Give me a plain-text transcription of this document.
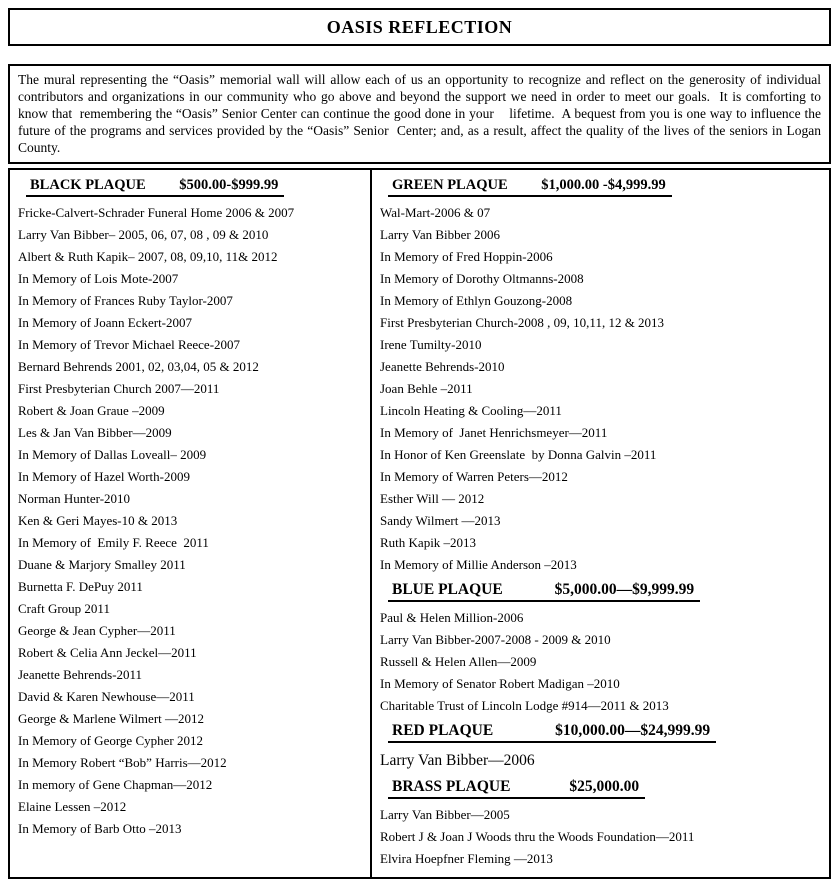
OASIS REFLECTION

The mural representing the “Oasis” memorial wall will allow each of us an opportunity to recognize and reflect on the generosity of individual contributors and organizations in our community who go above and beyond the support we need in order to meet our goals.  It is comforting to know that  remembering the “Oasis” Senior Center can continue the good done in your    lifetime.  A bequest from you is one way to influence the future of the programs and services provided by the “Oasis” Senior  Center; and, as a result, affect the quality of the lives of the seniors in Logan County.

BLACK PLAQUE $500.00-$999.99
Fricke-Calvert-Schrader Funeral Home 2006 & 2007
Larry Van Bibber– 2005, 06, 07, 08 , 09 & 2010
Albert & Ruth Kapik– 2007, 08, 09,10, 11& 2012
In Memory of Lois Mote-2007
In Memory of Frances Ruby Taylor-2007
In Memory of Joann Eckert-2007
In Memory of Trevor Michael Reece-2007
Bernard Behrends 2001, 02, 03,04, 05 & 2012
First Presbyterian Church 2007—2011
Robert & Joan Graue –2009
Les & Jan Van Bibber—2009
In Memory of Dallas Loveall– 2009
In Memory of Hazel Worth-2009
Norman Hunter-2010
Ken & Geri Mayes-10 & 2013
In Memory of  Emily F. Reece  2011
Duane & Marjory Smalley 2011
Burnetta F. DePuy 2011
Craft Group 2011
George & Jean Cypher—2011
Robert & Celia Ann Jeckel—2011
Jeanette Behrends-2011
David & Karen Newhouse—2011
George & Marlene Wilmert —2012
In Memory of George Cypher 2012
In Memory Robert “Bob” Harris—2012
In memory of Gene Chapman—2012
Elaine Lessen –2012
In Memory of Barb Otto –2013
GREEN PLAQUE $1,000.00 -$4,999.99
Wal-Mart-2006 & 07
Larry Van Bibber 2006
In Memory of Fred Hoppin-2006
In Memory of Dorothy Oltmanns-2008
In Memory of Ethlyn Gouzong-2008
First Presbyterian Church-2008 , 09, 10,11, 12 & 2013
Irene Tumilty-2010
Jeanette Behrends-2010
Joan Behle –2011
Lincoln Heating & Cooling—2011
In Memory of  Janet Henrichsmeyer—2011
In Honor of Ken Greenslate  by Donna Galvin –2011
In Memory of Warren Peters—2012
Esther Will — 2012
Sandy Wilmert —2013
Ruth Kapik –2013
In Memory of Millie Anderson –2013
BLUE PLAQUE	$5,000.00—$9,999.99
Paul & Helen Million-2006
Larry Van Bibber-2007-2008 - 2009 & 2010
Russell & Helen Allen—2009
In Memory of Senator Robert Madigan –2010
Charitable Trust of Lincoln Lodge #914—2011 & 2013
RED PLAQUE	$10,000.00—$24,999.99
Larry Van Bibber—2006
BRASS PLAQUE	$25,000.00
Larry Van Bibber—2005
Robert J & Joan J Woods thru the Woods Foundation—2011
Elvira Hoepfner Fleming —2013
